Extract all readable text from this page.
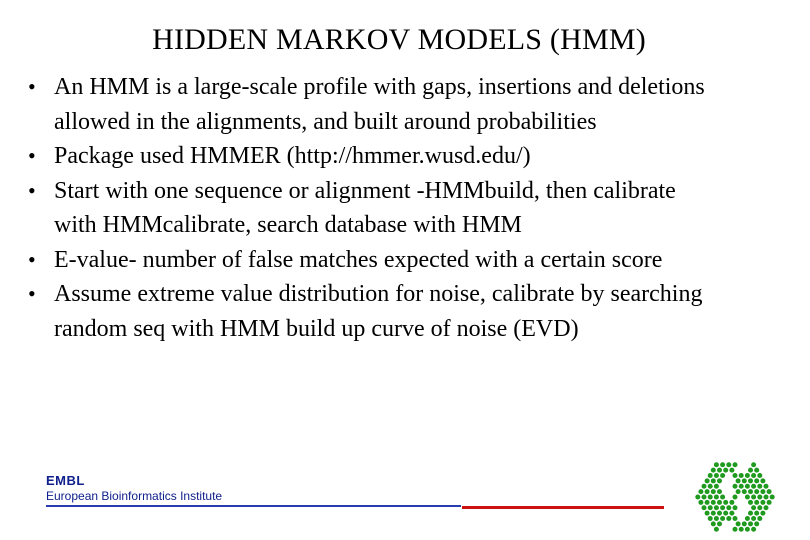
HIDDEN MARKOV MODELS (HMM)
• An HMM is a large-scale profile with gaps, insertions and deletions allowed in the alignments, and built around probabilities
• Package used HMMER (http://hmmer.wusd.edu/)
• Start with one sequence or alignment -HMMbuild, then calibrate with HMMcalibrate, search database with HMM
• E-value- number of false matches expected with a certain score
• Assume extreme value distribution for noise, calibrate by searching random seq with HMM build up curve of noise (EVD)
EMBL
European Bioinformatics Institute
